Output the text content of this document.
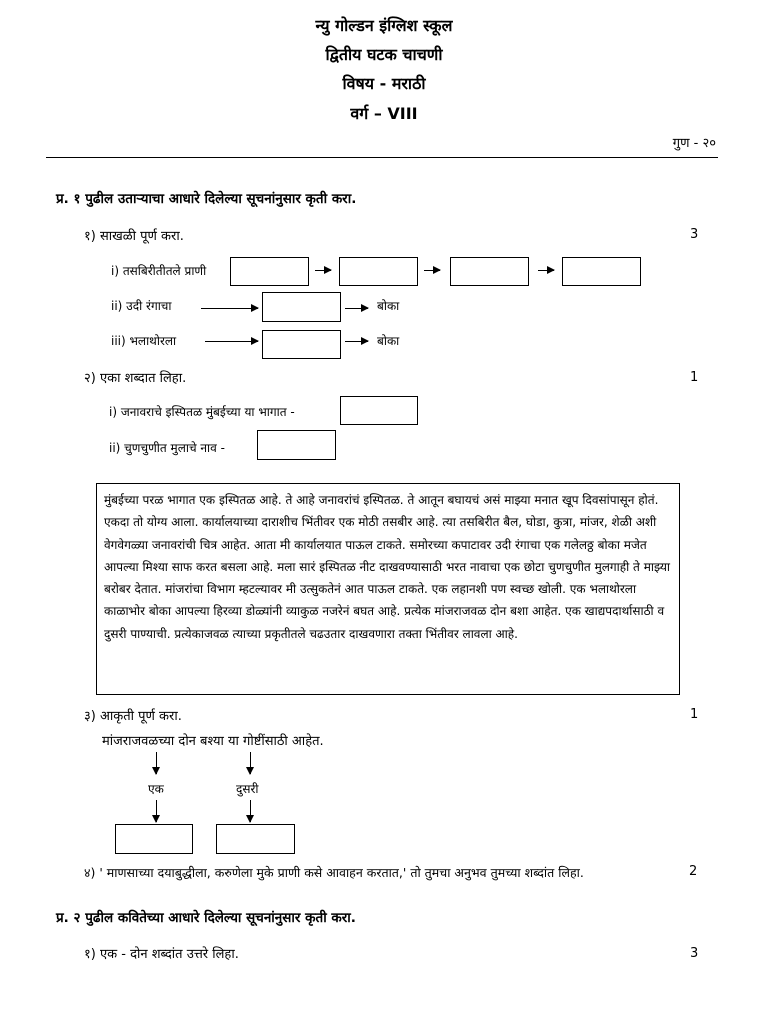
न्यु गोल्डन इंग्लिश स्कूल
द्वितीय घटक चाचणी
विषय - मराठी
वर्ग – VIII
गुण - २०
प्र. १ पुढील उताऱ्याचा आधारे दिलेल्या सूचनांनुसार कृती करा.
१) साखळी पूर्ण करा.	3
i) तसबिरीतीतले प्राणी
ii) उदी रंगाचा	बोका
iii) भलाथोरला	बोका
२) एका शब्दात लिहा.	1
i) जनावराचे इस्पितळ मुंबईच्या या भागात -
ii) चुणचुणीत मुलाचे नाव -
मुंबईच्या परळ भागात एक इस्पितळ आहे. ते आहे जनावरांचं इस्पितळ. ते आतून बघायचं असं माझ्या मनात खूप दिवसांपासून होतं. एकदा तो योग्य आला. कार्यालयाच्या दाराशीच भिंतीवर एक मोठी तसबीर आहे. त्या तसबिरीत बैल, घोडा, कुत्रा, मांजर, शेळी अशी वेगवेगळ्या जनावरांची चित्र आहेत. आता मी कार्यालयात पाऊल टाकते. समोरच्या कपाटावर उदी रंगाचा एक गलेलठ्ठ बोका मजेत आपल्या मिश्या साफ करत बसला आहे. मला सारं इस्पितळ नीट दाखवण्यासाठी भरत नावाचा एक छोटा चुणचुणीत मुलगाही ते माझ्या बरोबर देतात. मांजरांचा विभाग म्हटल्यावर मी उत्सुकतेनं आत पाऊल टाकते. एक लहानशी पण स्वच्छ खोली. एक भलाथोरला काळाभोर बोका आपल्या हिरव्या डोळ्यांनी व्याकुळ नजरेनं बघत आहे. प्रत्येक मांजराजवळ दोन बशा आहेत. एक खाद्यपदार्थासाठी व दुसरी पाण्याची. प्रत्येकाजवळ त्याच्या प्रकृतीतले चढउतार दाखवणारा तक्ता भिंतीवर लावला आहे.
३) आकृती पूर्ण करा.	1
मांजराजवळच्या दोन बश्या या गोष्टींसाठी आहेत.
एक	दुसरी
४) ' माणसाच्या दयाबुद्धीला, करुणेला मुके प्राणी कसे आवाहन करतात,' तो तुमचा अनुभव तुमच्या शब्दांत लिहा.	2
प्र. २ पुढील कवितेच्या आधारे दिलेल्या सूचनांनुसार कृती करा.
१) एक - दोन शब्दांत उत्तरे लिहा.	3
